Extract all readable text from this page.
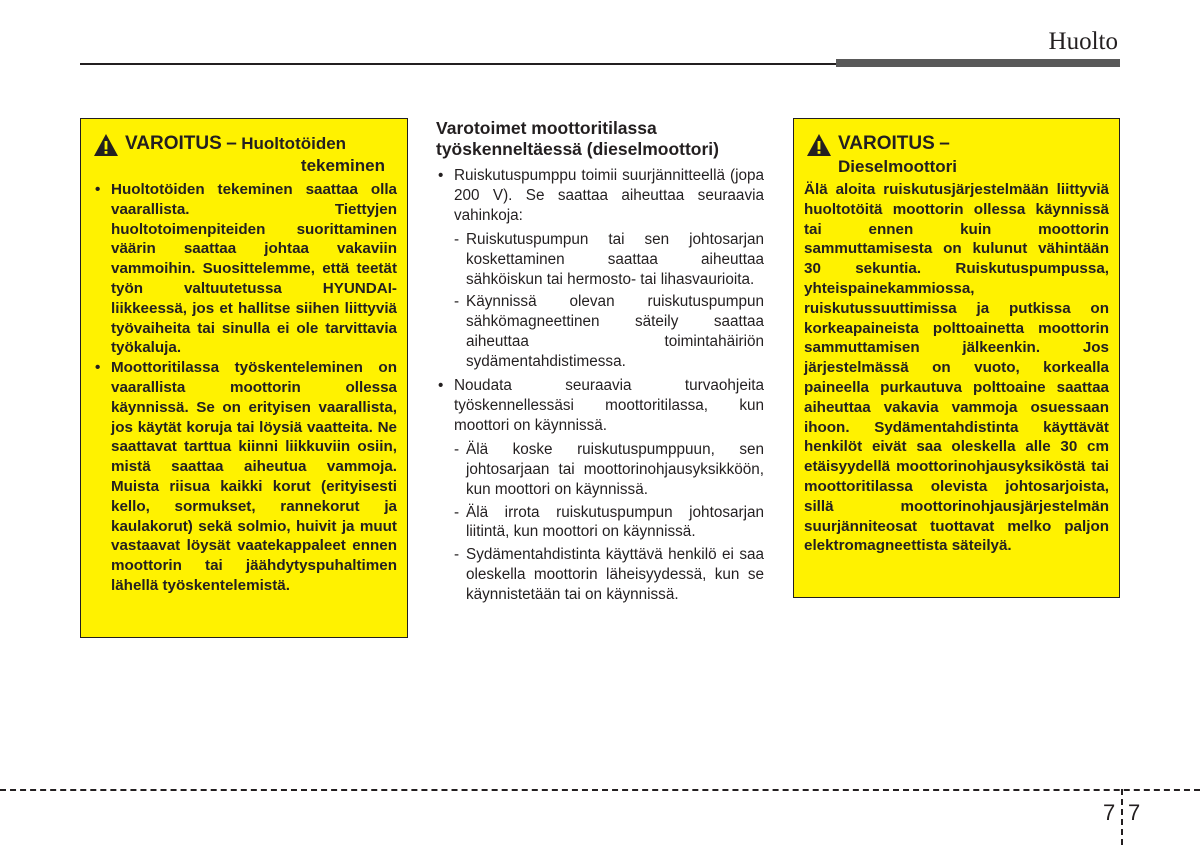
Huolto
VAROITUS – Huoltotöiden
tekeminen
• Huoltotöiden tekeminen saattaa olla vaarallista. Tiettyjen huoltotoimenpiteiden suorittaminen väärin saattaa johtaa vakaviin vammoihin. Suosittelemme, että teetät työn valtuutetussa HYUNDAI-liikkeessä, jos et hallitse siihen liittyviä työvaiheita tai sinulla ei ole tarvittavia työkaluja.
• Moottoritilassa työskenteleminen on vaarallista moottorin ollessa käynnissä. Se on erityisen vaarallista, jos käytät koruja tai löysiä vaatteita. Ne saattavat tarttua kiinni liikkuviin osiin, mistä saattaa aiheutua vammoja. Muista riisua kaikki korut (erityisesti kello, sormukset, rannekorut ja kaulakorut) sekä solmio, huivit ja muut vastaavat löysät vaatekappaleet ennen moottorin tai jäähdytyspuhaltimen lähellä työskentelemistä.
Varotoimet moottoritilassa työskenneltäessä (dieselmoottori)
• Ruiskutuspumppu toimii suurjännitteellä (jopa 200 V). Se saattaa aiheuttaa seuraavia vahinkoja:
- Ruiskutuspumpun tai sen johtosarjan koskettaminen saattaa aiheuttaa sähköiskun tai hermosto- tai lihasvaurioita.
- Käynnissä olevan ruiskutuspumpun sähkömagneettinen säteily saattaa aiheuttaa toimintahäiriön sydämentahdistimessa.
• Noudata seuraavia turvaohjeita työskennellessäsi moottoritilassa, kun moottori on käynnissä.
- Älä koske ruiskutuspumppuun, sen johtosarjaan tai moottorinohjausyksikköön, kun moottori on käynnissä.
- Älä irrota ruiskutuspumpun johtosarjan liitintä, kun moottori on käynnissä.
- Sydämentahdistinta käyttävä henkilö ei saa oleskella moottorin läheisyydessä, kun se käynnistetään tai on käynnissä.
VAROITUS –
Dieselmoottori

Älä aloita ruiskutusjärjestelmään liittyviä huoltotöitä moottorin ollessa käynnissä tai ennen kuin moottorin sammuttamisesta on kulunut vähintään 30 sekuntia. Ruiskutuspumpussa, yhteispainekammiossa, ruiskutussuuttimissa ja putkissa on korkeapaineista polttoainetta moottorin sammuttamisen jälkeenkin. Jos järjestelmässä on vuoto, korkealla paineella purkautuva polttoaine saattaa aiheuttaa vakavia vammoja osuessaan ihoon. Sydämentahdistinta käyttävät henkilöt eivät saa oleskella alle 30 cm etäisyydellä moottorinohjausyksiköstä tai moottoritilassa olevista johtosarjoista, sillä moottorinohjausjärjestelmän suurjänniteosat tuottavat melko paljon elektromagneettista säteilyä.

7 7
